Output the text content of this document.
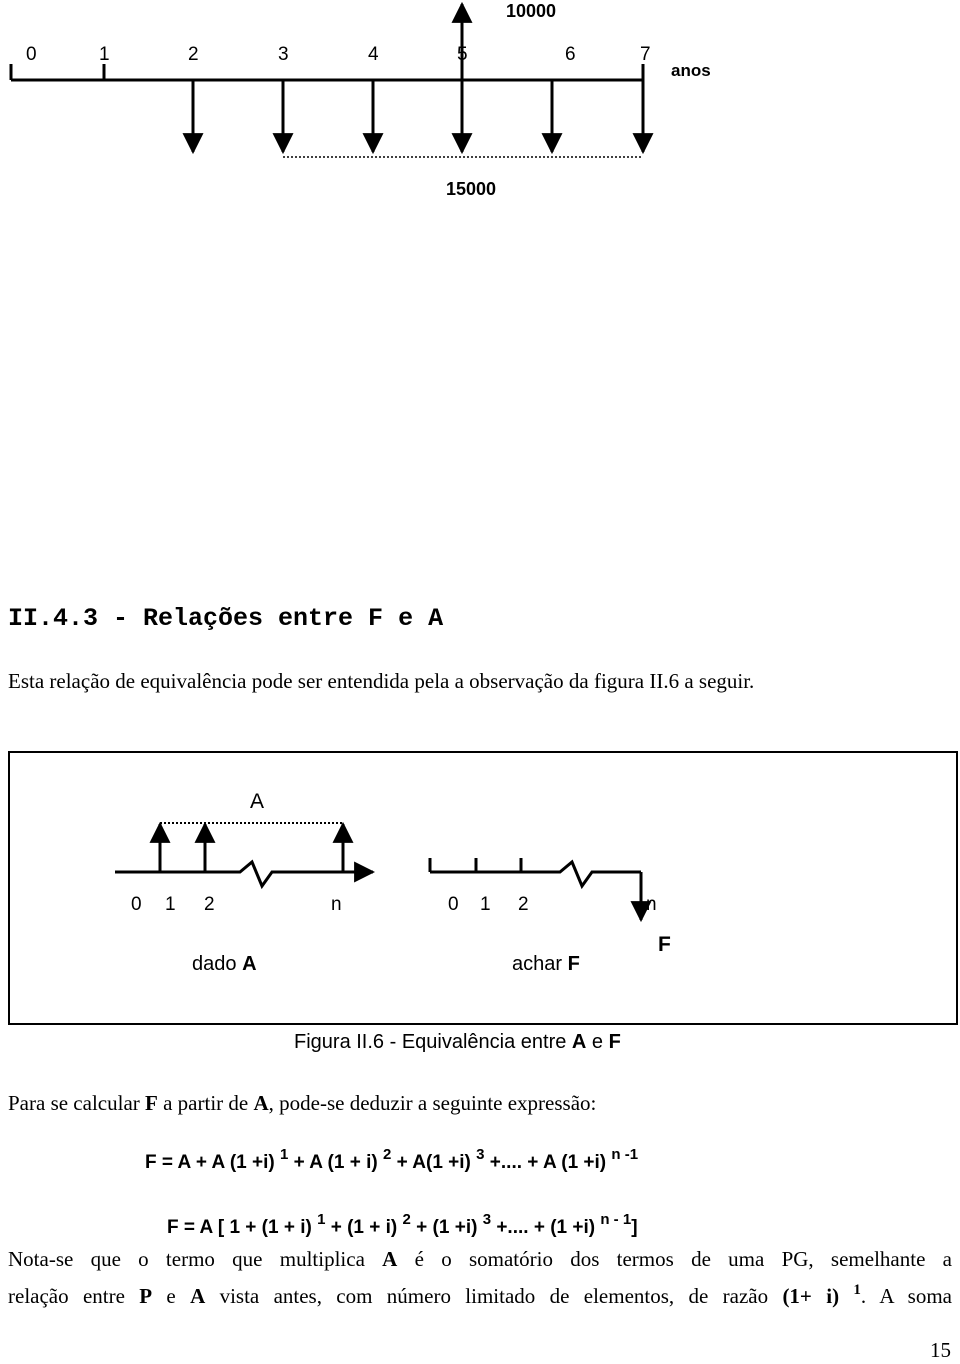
0	1	2	3	4	5	6	7
anos
10000
15000
II.4.3 - Relações entre F e A
Esta relação de equivalência pode ser entendida pela a observação da figura II.6 a seguir.
A
0 1 2	n
dado A
0 1 2	n
achar F
F
Figura II.6 - Equivalência entre A e F
Para se calcular F a partir de A, pode-se deduzir a seguinte expressão:
F = A + A (1 +i) $^1$ + A (1 + i) $^2$ + A(1 +i) $^3$ +.... + A (1 +i) $^{n -1}$
F = A [ 1 + (1 + i) $^1$ + (1 + i) $^2$ + (1 +i) $^3$ +.... + (1 +i) $^{n - 1}$]
Nota-se que o termo que multiplica A é o somatório dos termos de uma PG, semelhante a
relação entre P e A vista antes, com número limitado de elementos, de razão (1+ i) $^1$. A soma
15
